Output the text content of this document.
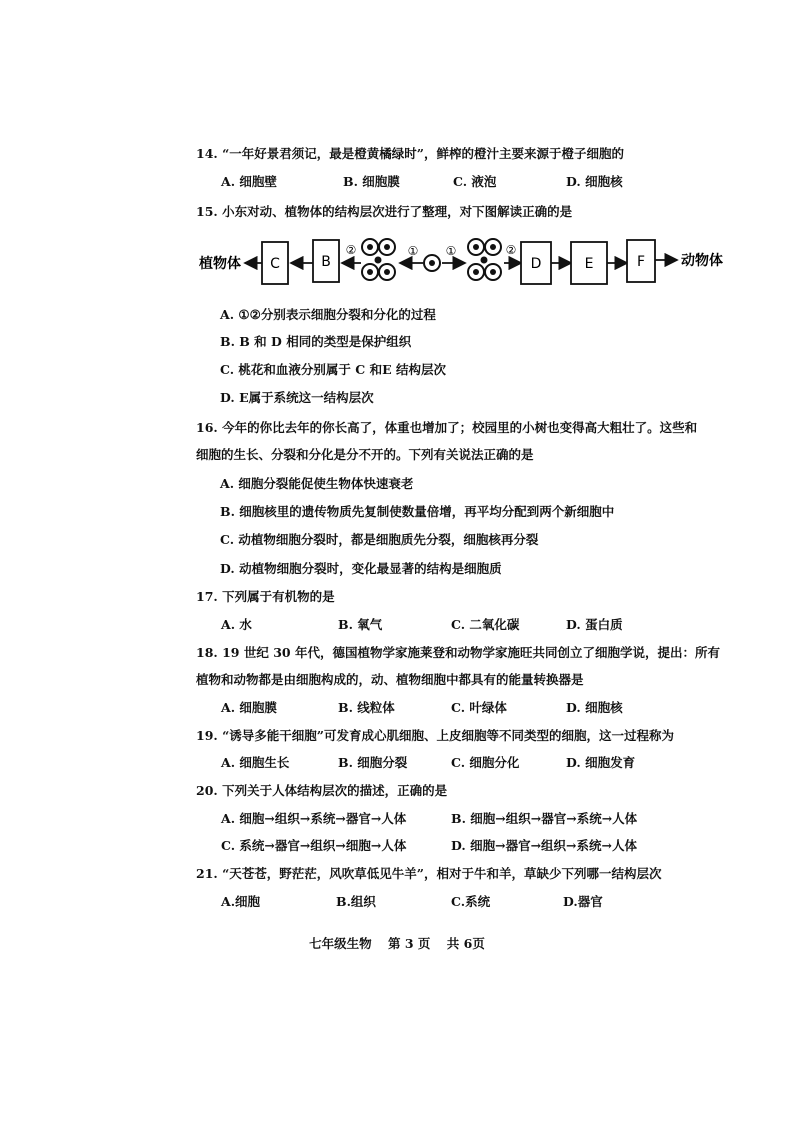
14. “一年好景君须记，最是橙黄橘绿时”，鲜榨的橙汁主要来源于橙子细胞的
A. 细胞壁	B. 细胞膜	C. 液泡	D. 细胞核
15. 小东对动、植物体的结构层次进行了整理，对下图解读正确的是
植物体 C	B
②	① ①	②
D	E	F	动物体
A. ①②分别表示细胞分裂和分化的过程
B. B 和 D 相同的类型是保护组织
C. 桃花和血液分别属于 C 和E 结构层次
D. E属于系统这一结构层次
16. 今年的你比去年的你长高了，体重也增加了；校园里的小树也变得高大粗壮了。这些和
细胞的生长、分裂和分化是分不开的。下列有关说法正确的是
A. 细胞分裂能促使生物体快速衰老
B. 细胞核里的遗传物质先复制使数量倍增，再平均分配到两个新细胞中
C. 动植物细胞分裂时，都是细胞质先分裂，细胞核再分裂
D. 动植物细胞分裂时，变化最显著的结构是细胞质
17. 下列属于有机物的是
A. 水	B. 氧气	C. 二氧化碳	D. 蛋白质
18. 19 世纪 30 年代，德国植物学家施莱登和动物学家施旺共同创立了细胞学说，提出：所有
植物和动物都是由细胞构成的，动、植物细胞中都具有的能量转换器是
A. 细胞膜	B. 线粒体	C. 叶绿体	D. 细胞核
19. “诱导多能干细胞”可发育成心肌细胞、上皮细胞等不同类型的细胞，这一过程称为
A. 细胞生长	B. 细胞分裂	C. 细胞分化	D. 细胞发育
20. 下列关于人体结构层次的描述，正确的是
A. 细胞→组织→系统→器官→人体	B. 细胞→组织→器官→系统→人体
C. 系统→器官→组织→细胞→人体	D. 细胞→器官→组织→系统→人体
21. “天苍苍，野茫茫，风吹草低见牛羊”，相对于牛和羊，草缺少下列哪一结构层次
A.细胞	B.组织	C.系统	D.器官
七年级生物 第 3 页 共 6页
